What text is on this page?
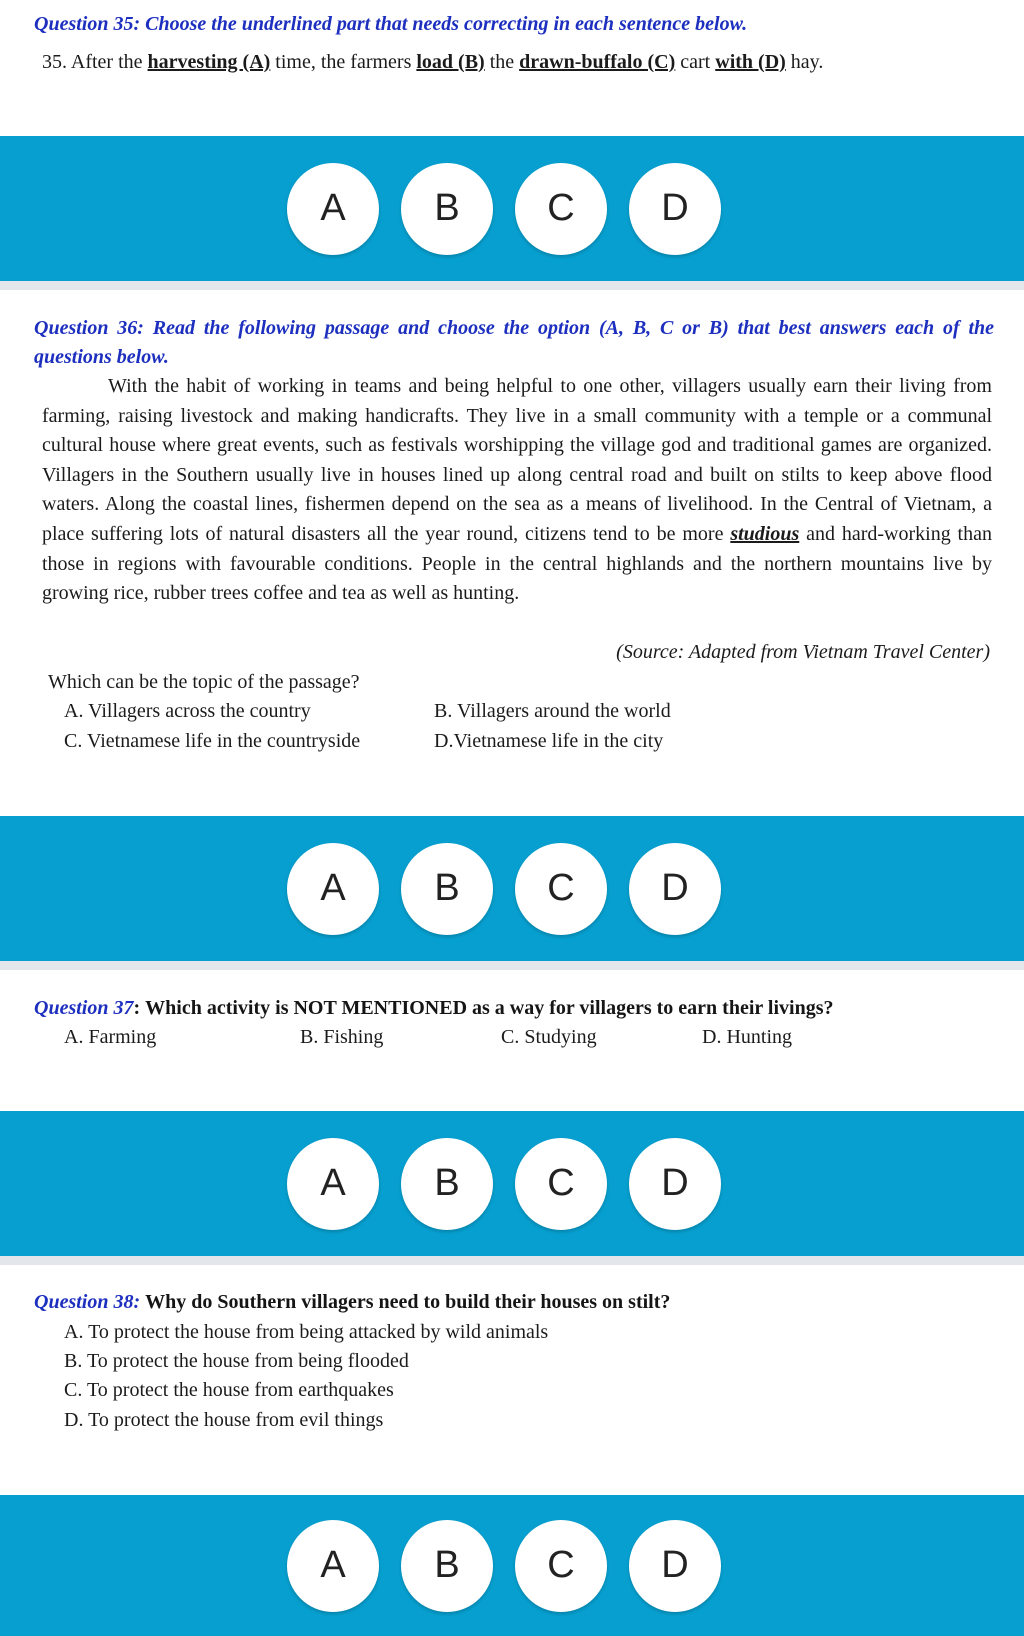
Question 35: Choose the underlined part that needs correcting in each sentence below.
35. After the harvesting (A) time, the farmers load (B) the drawn-buffalo (C) cart with (D) hay.
A	B	C	D
Question 36: Read the following passage and choose the option (A, B, C or B) that best answers each of the questions below.
With the habit of working in teams and being helpful to one other, villagers usually earn their living from farming, raising livestock and making handicrafts. They live in a small community with a temple or a communal cultural house where great events, such as festivals worshipping the village god and traditional games are organized. Villagers in the Southern usually live in houses lined up along central road and built on stilts to keep above flood waters. Along the coastal lines, fishermen depend on the sea as a means of livelihood. In the Central of Vietnam, a place suffering lots of natural disasters all the year round, citizens tend to be more studious and hard-working than those in regions with favourable conditions. People in the central highlands and the northern mountains live by growing rice, rubber trees coffee and tea as well as hunting.
(Source: Adapted from Vietnam Travel Center)
Which can be the topic of the passage?
A. Villagers across the country	B. Villagers around the world
C. Vietnamese life in the countryside	D.Vietnamese life in the city
A	B	C	D
Question 37: Which activity is NOT MENTIONED as a way for villagers to earn their livings?
A. Farming	B. Fishing	C. Studying	D. Hunting
A	B	C	D
Question 38: Why do Southern villagers need to build their houses on stilt?
A. To protect the house from being attacked by wild animals
B. To protect the house from being flooded
C. To protect the house from earthquakes
D. To protect the house from evil things
A	B	C	D
